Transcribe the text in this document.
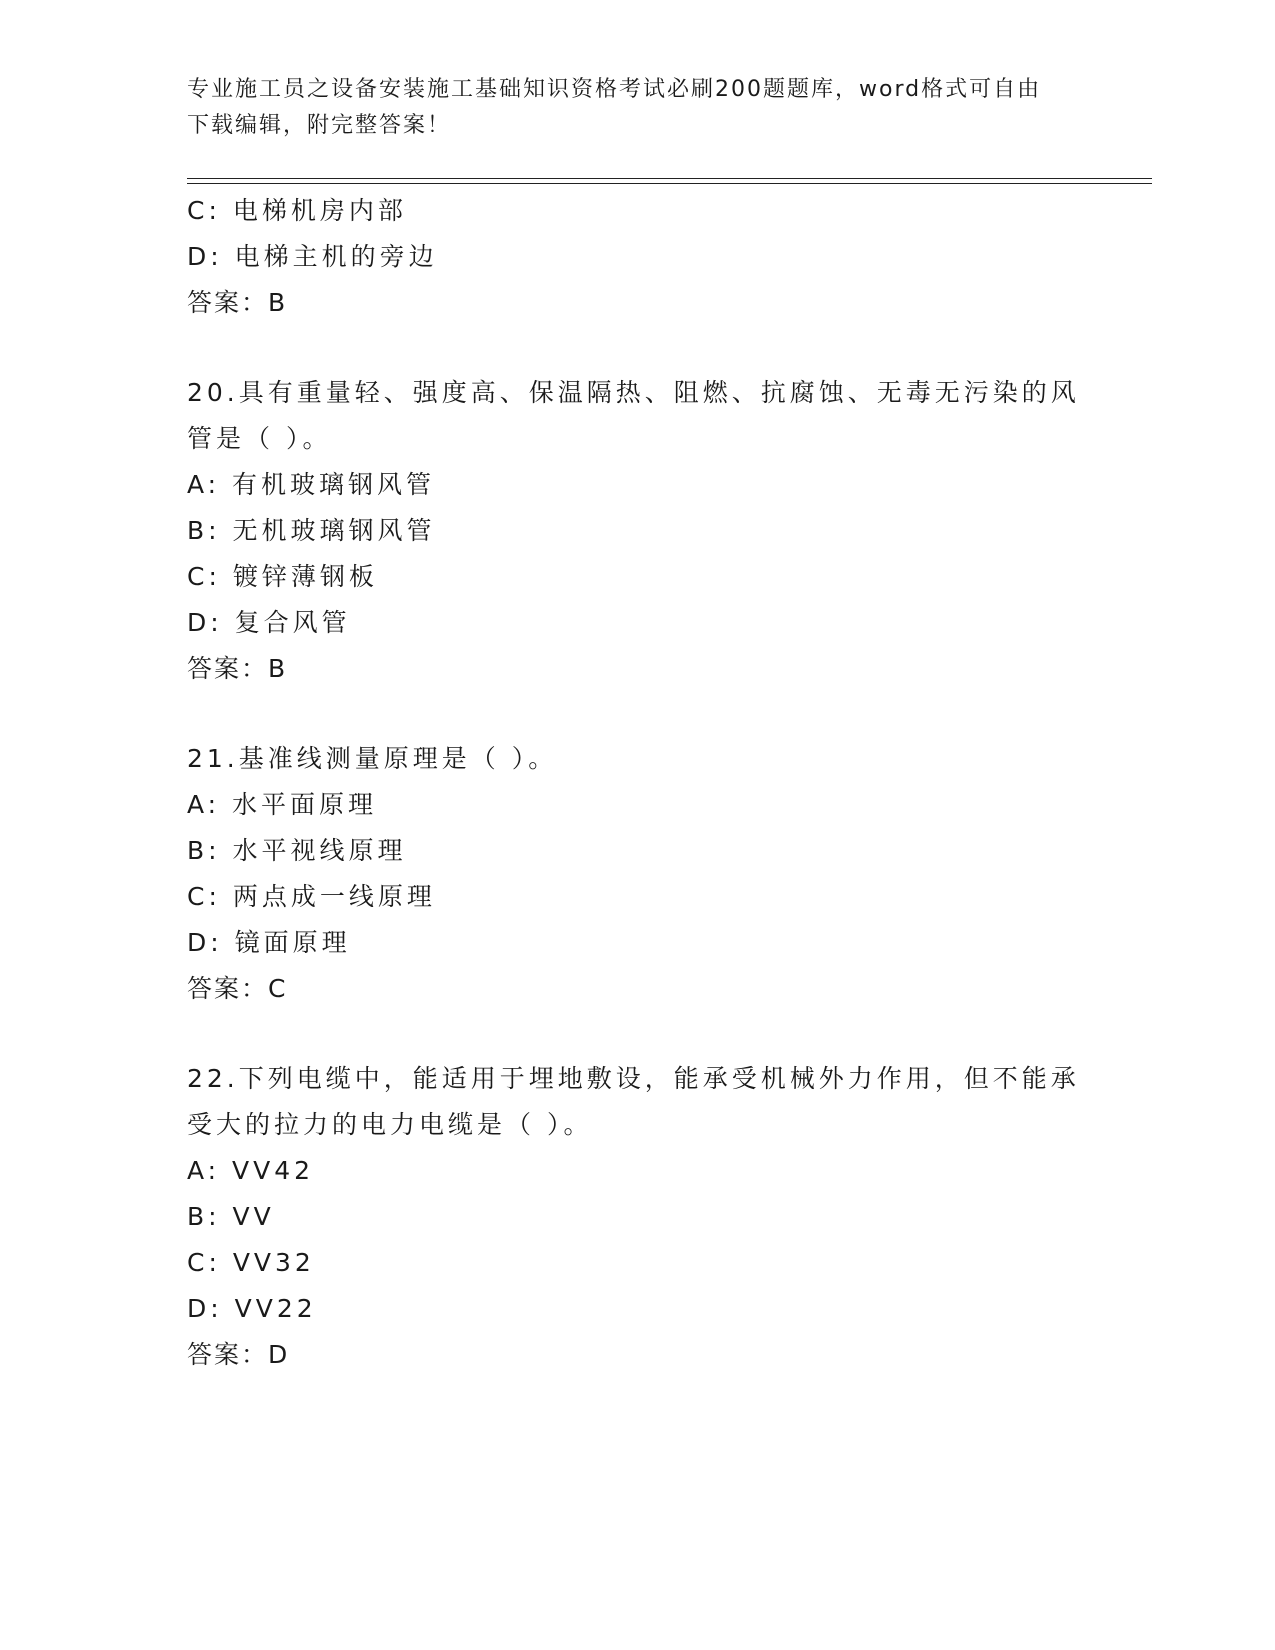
专业施工员之设备安装施工基础知识资格考试必刷200题题库，word格式可自由
下载编辑，附完整答案！
C: 电梯机房内部
D: 电梯主机的旁边
答案：B
20.具有重量轻、强度高、保温隔热、阻燃、抗腐蚀、无毒无污染的风
管是（ ）。
A: 有机玻璃钢风管
B: 无机玻璃钢风管
C: 镀锌薄钢板
D: 复合风管
答案：B
21.基准线测量原理是（ ）。
A: 水平面原理
B: 水平视线原理
C: 两点成一线原理
D: 镜面原理
答案：C
22.下列电缆中，能适用于埋地敷设，能承受机械外力作用，但不能承
受大的拉力的电力电缆是（ ）。
A: VV42
B: VV
C: VV32
D: VV22
答案：D
